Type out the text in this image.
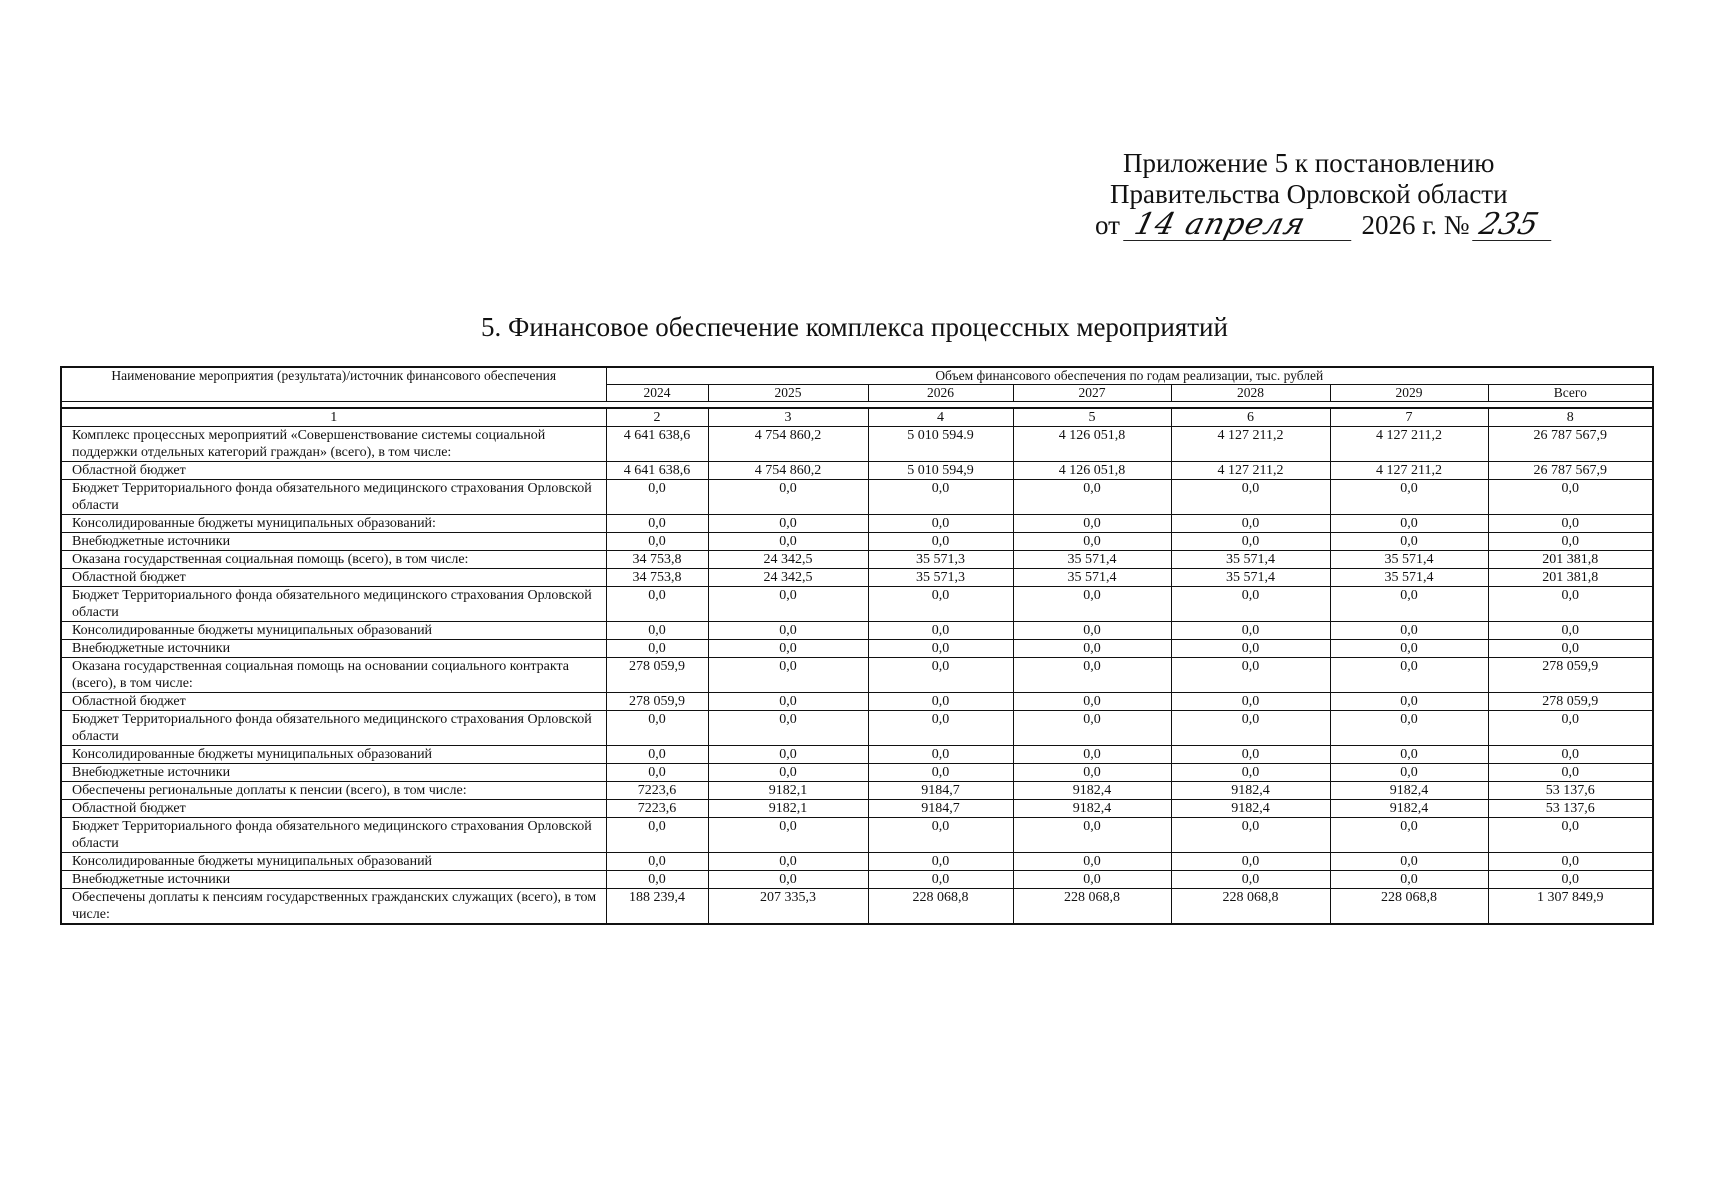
Приложение 5 к постановлению
Правительства Орловской области
от
14 апреля
	2026 г. №
235
5. Финансовое обеспечение комплекса процессных мероприятий
Наименование мероприятия (результата)/источник финансового обеспечения	Объем финансового обеспечения по годам реализации, тыс. рублей						
	2024	2025	2026	2027	2028	2029	Всего

1	2	3	4	5	6	7	8
Комплекс процессных мероприятий «Совершенствование системы социальной поддержки отдельных категорий граждан» (всего), в том числе:	4 641 638,6	4 754 860,2	5 010 594.9	4 126 051,8	4 127 211,2	4 127 211,2	26 787 567,9
Областной бюджет	4 641 638,6	4 754 860,2	5 010 594,9	4 126 051,8	4 127 211,2	4 127 211,2	26 787 567,9
Бюджет Территориального фонда обязательного медицинского страхования Орловской области	0,0	0,0	0,0	0,0	0,0	0,0	0,0
Консолидированные бюджеты муниципальных образований:	0,0	0,0	0,0	0,0	0,0	0,0	0,0
Внебюджетные источники	0,0	0,0	0,0	0,0	0,0	0,0	0,0
Оказана государственная социальная помощь (всего), в том числе:	34 753,8	24 342,5	35 571,3	35 571,4	35 571,4	35 571,4	201 381,8
Областной бюджет	34 753,8	24 342,5	35 571,3	35 571,4	35 571,4	35 571,4	201 381,8
Бюджет Территориального фонда обязательного медицинского страхования Орловской области	0,0	0,0	0,0	0,0	0,0	0,0	0,0
Консолидированные бюджеты муниципальных образований	0,0	0,0	0,0	0,0	0,0	0,0	0,0
Внебюджетные источники	0,0	0,0	0,0	0,0	0,0	0,0	0,0
Оказана государственная социальная помощь на основании социального контракта (всего), в том числе:	278 059,9	0,0	0,0	0,0	0,0	0,0	278 059,9
Областной бюджет	278 059,9	0,0	0,0	0,0	0,0	0,0	278 059,9
Бюджет Территориального фонда обязательного медицинского страхования Орловской области	0,0	0,0	0,0	0,0	0,0	0,0	0,0
Консолидированные бюджеты муниципальных образований	0,0	0,0	0,0	0,0	0,0	0,0	0,0
Внебюджетные источники	0,0	0,0	0,0	0,0	0,0	0,0	0,0
Обеспечены региональные доплаты к пенсии (всего), в том числе:	7223,6	9182,1	9184,7	9182,4	9182,4	9182,4	53 137,6
Областной бюджет	7223,6	9182,1	9184,7	9182,4	9182,4	9182,4	53 137,6
Бюджет Территориального фонда обязательного медицинского страхования Орловской области	0,0	0,0	0,0	0,0	0,0	0,0	0,0
Консолидированные бюджеты муниципальных образований	0,0	0,0	0,0	0,0	0,0	0,0	0,0
Внебюджетные источники	0,0	0,0	0,0	0,0	0,0	0,0	0,0
Обеспечены доплаты к пенсиям государственных гражданских служащих (всего), в том числе:	188 239,4	207 335,3	228 068,8	228 068,8	228 068,8	228 068,8	1 307 849,9
